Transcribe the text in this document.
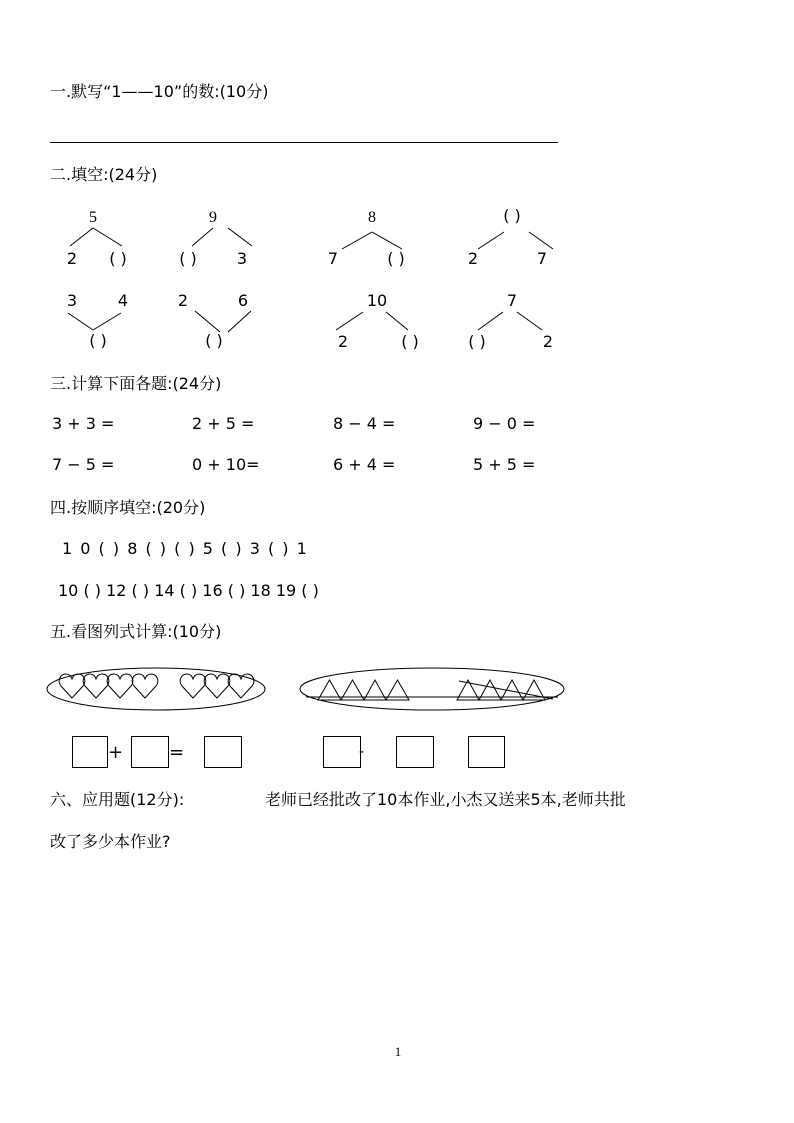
一.默写“1——10”的数:(10分)
二.填空:(24分)
5
2 ( )
9
( )	3
8
7	( )
( )
2	7
3	4
( )
2	6
( )
10
2	( )
7
( )	2
三.计算下面各题:(24分)
3 + 3 =	2 + 5 =	8 − 4 =	9 − 0 =
7 − 5 =	0 + 10=	6 + 4 =	5 + 5 =
四.按顺序填空:(20分)
1 0 ( ) 8 ( ) ( ) 5 ( ) 3 ( ) 1
10 ( ) 12 ( ) 14 ( ) 16 ( ) 18 19 ( )
五.看图列式计算:(10分)
+	=	-
六、应用题(12分):	老师已经批改了10本作业,小杰又送来5本,老师共批
改了多少本作业?
1
